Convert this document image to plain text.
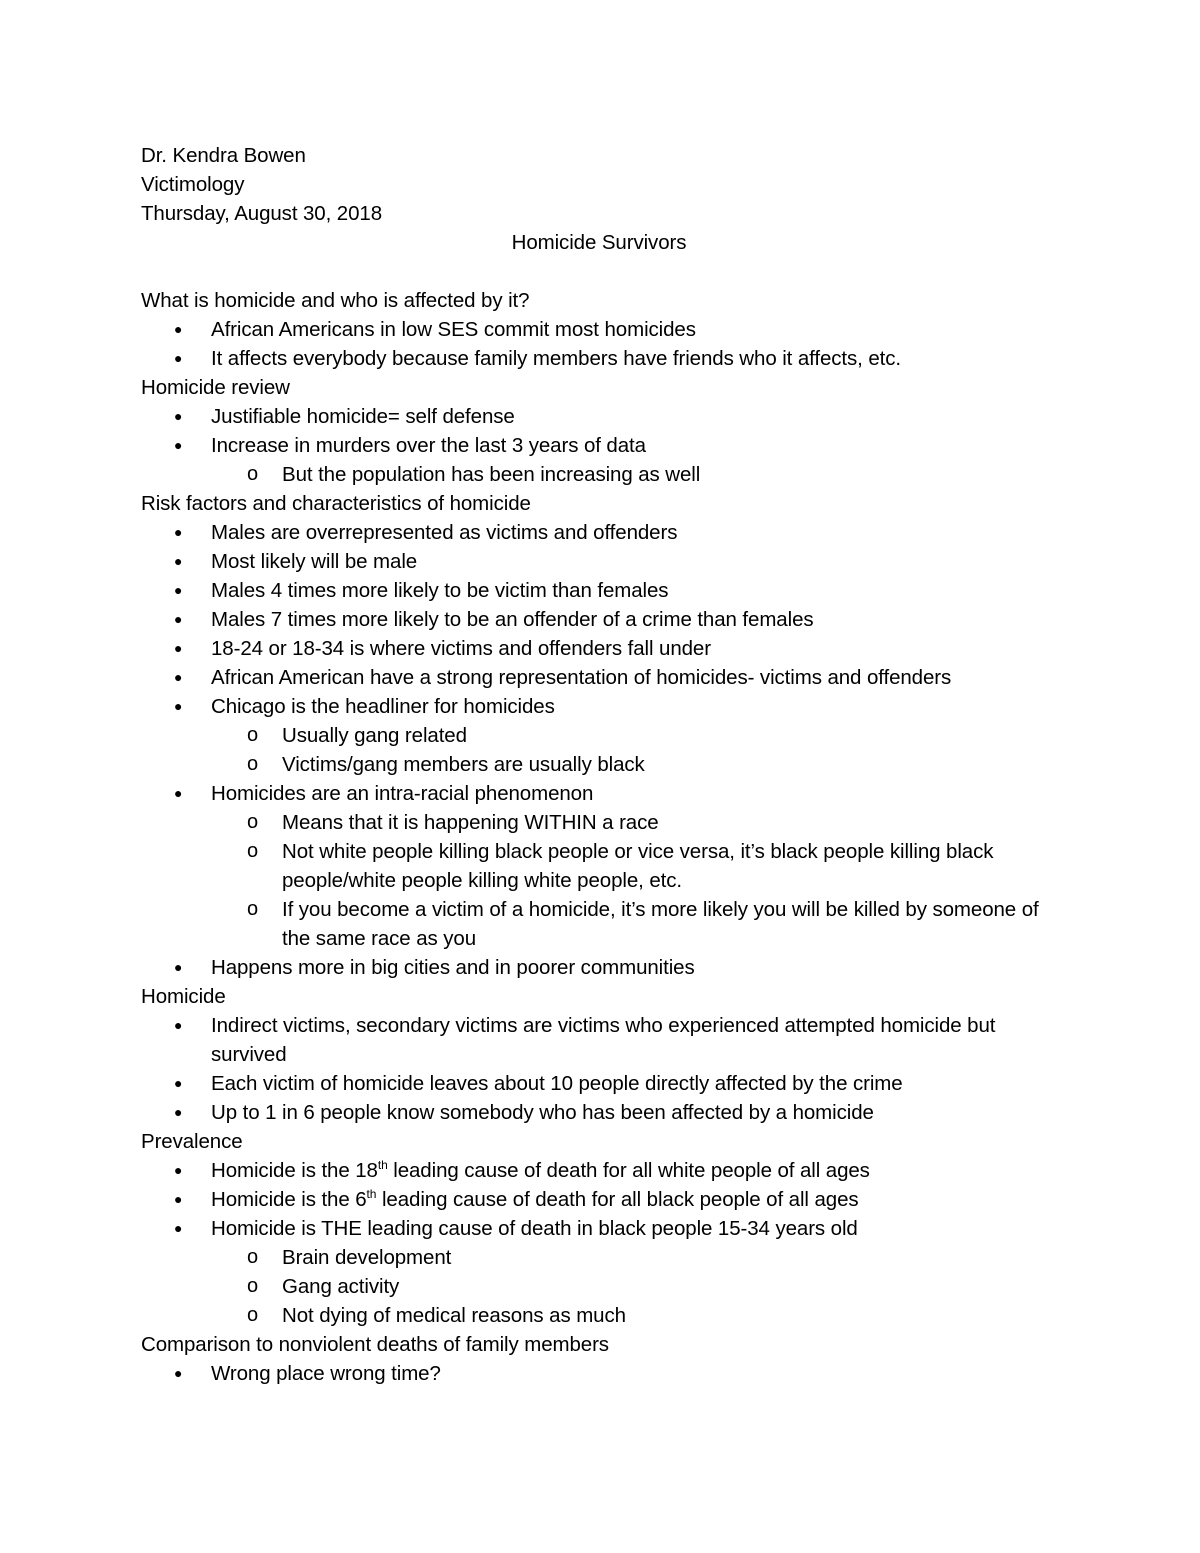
Dr. Kendra Bowen

Victimology

Thursday, August 30, 2018

Homicide Survivors

What is homicide and who is affected by it?

● African Americans in low SES commit most homicides
● It affects everybody because family members have friends who it affects, etc.

Homicide review

● Justifiable homicide= self defense
● Increase in murders over the last 3 years of data
o But the population has been increasing as well

Risk factors and characteristics of homicide

● Males are overrepresented as victims and offenders
● Most likely will be male
● Males 4 times more likely to be victim than females
● Males 7 times more likely to be an offender of a crime than females
● 18-24 or 18-34 is where victims and offenders fall under
● African American have a strong representation of homicides- victims and offenders
● Chicago is the headliner for homicides
o Usually gang related
o Victims/gang members are usually black
● Homicides are an intra-racial phenomenon
o Means that it is happening WITHIN a race
o Not white people killing black people or vice versa, it’s black people killing black people/white people killing white people, etc.
o If you become a victim of a homicide, it’s more likely you will be killed by someone of the same race as you
● Happens more in big cities and in poorer communities

Homicide

● Indirect victims, secondary victims are victims who experienced attempted homicide but survived
● Each victim of homicide leaves about 10 people directly affected by the crime
● Up to 1 in 6 people know somebody who has been affected by a homicide

Prevalence

● Homicide is the 18th leading cause of death for all white people of all ages
● Homicide is the 6th leading cause of death for all black people of all ages
● Homicide is THE leading cause of death in black people 15-34 years old
o Brain development
o Gang activity
o Not dying of medical reasons as much

Comparison to nonviolent deaths of family members

● Wrong place wrong time?
